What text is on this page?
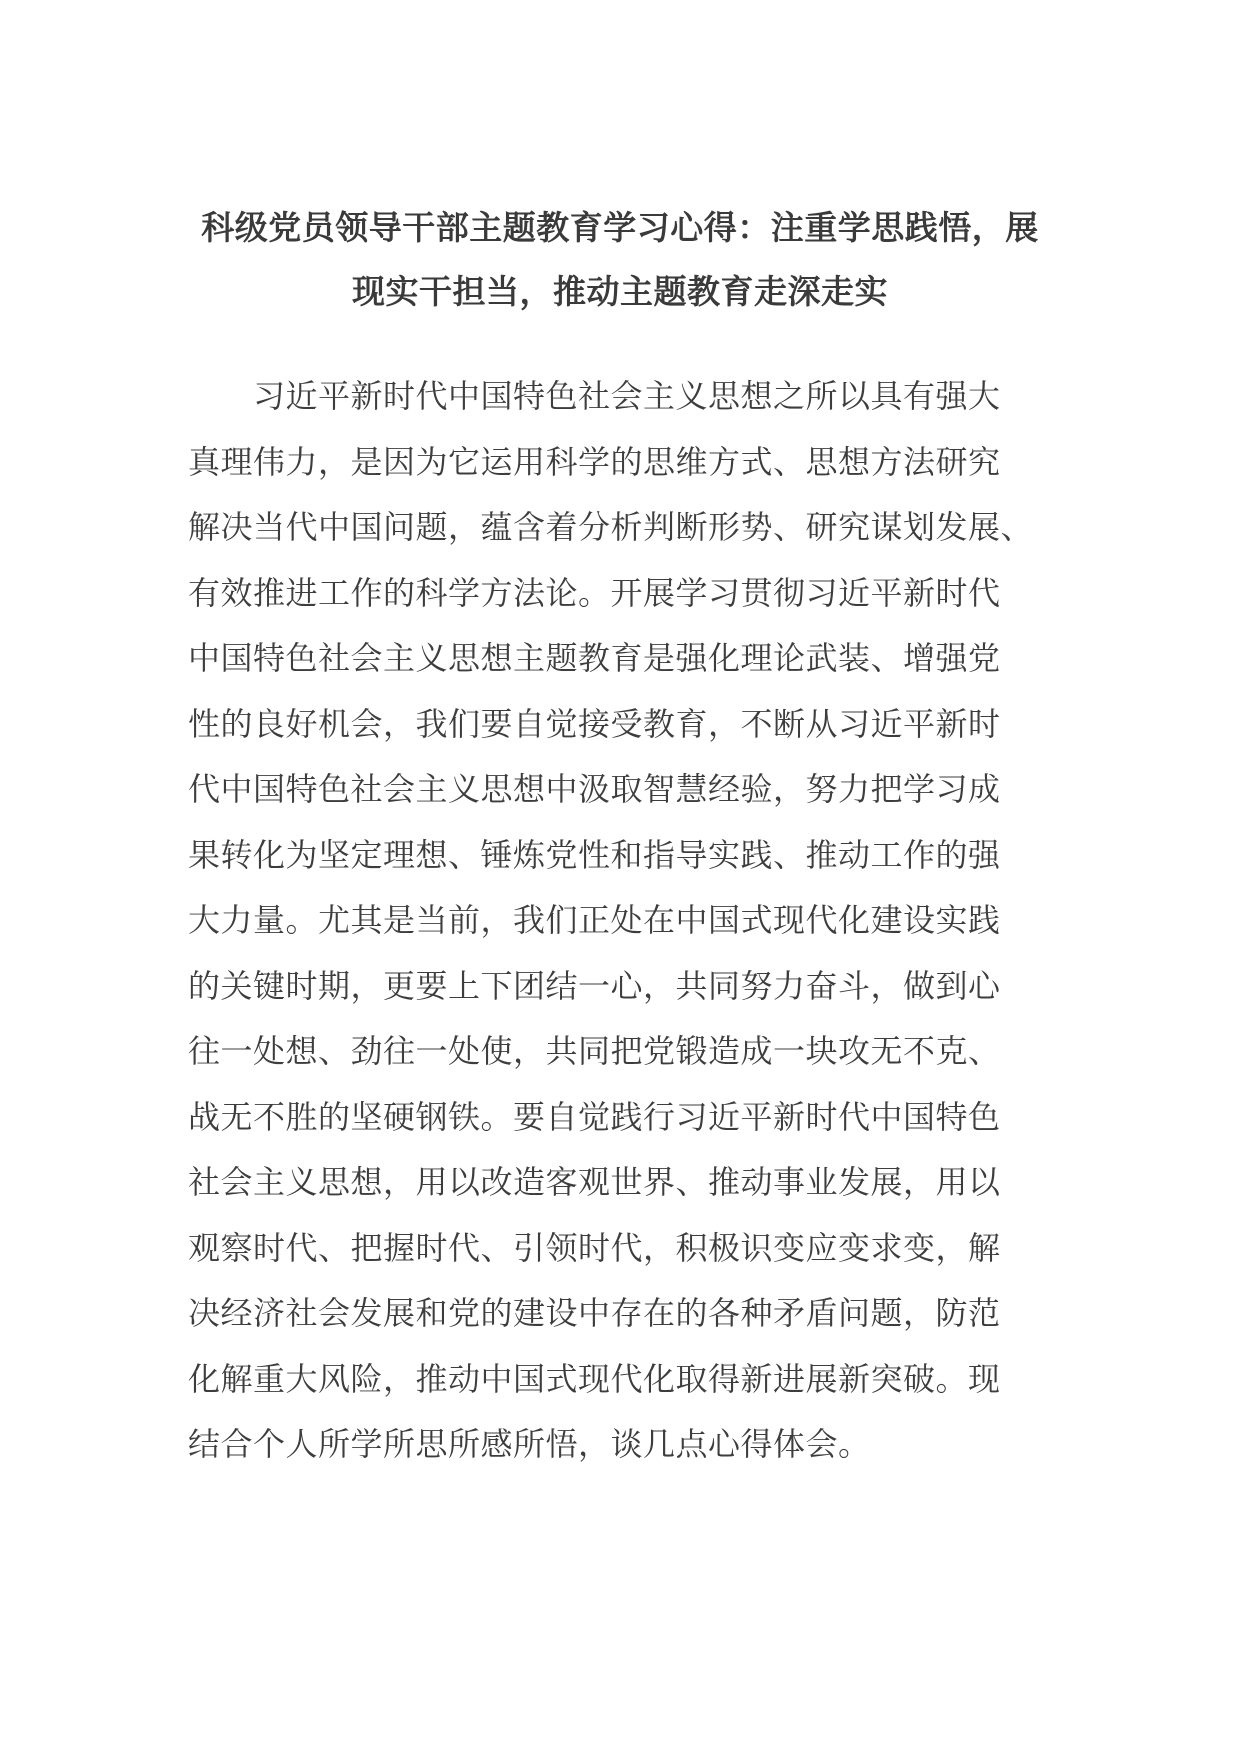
科级党员领导干部主题教育学习心得：注重学思践悟，展
现实干担当，推动主题教育走深走实
　　习近平新时代中国特色社会主义思想之所以具有强大
真理伟力，是因为它运用科学的思维方式、思想方法研究
解决当代中国问题，蕴含着分析判断形势、研究谋划发展、
有效推进工作的科学方法论。开展学习贯彻习近平新时代
中国特色社会主义思想主题教育是强化理论武装、增强党
性的良好机会，我们要自觉接受教育，不断从习近平新时
代中国特色社会主义思想中汲取智慧经验，努力把学习成
果转化为坚定理想、锤炼党性和指导实践、推动工作的强
大力量。尤其是当前，我们正处在中国式现代化建设实践
的关键时期，更要上下团结一心，共同努力奋斗，做到心
往一处想、劲往一处使，共同把党锻造成一块攻无不克、
战无不胜的坚硬钢铁。要自觉践行习近平新时代中国特色
社会主义思想，用以改造客观世界、推动事业发展，用以
观察时代、把握时代、引领时代，积极识变应变求变，解
决经济社会发展和党的建设中存在的各种矛盾问题，防范
化解重大风险，推动中国式现代化取得新进展新突破。现
结合个人所学所思所感所悟，谈几点心得体会。
